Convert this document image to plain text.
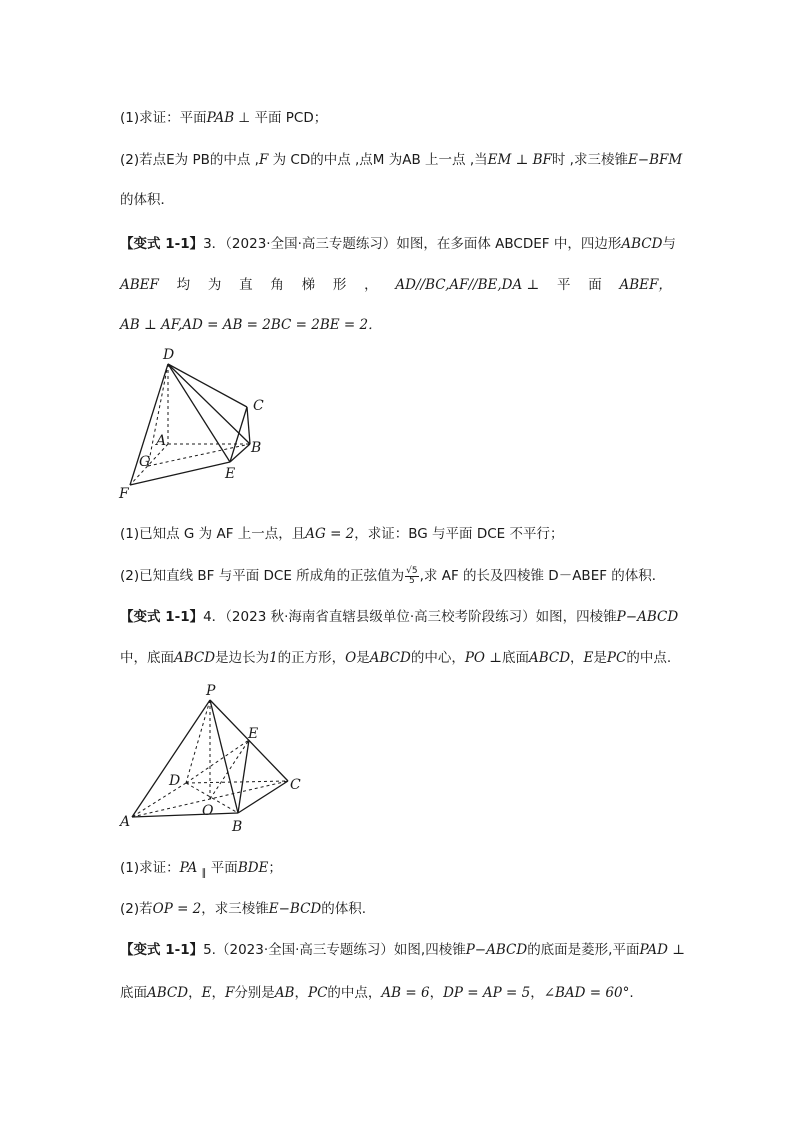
(1)求证：平面PAB ⊥ 平面 PCD；
(2)若点E为 PB的中点 ,F 为 CD的中点 ,点M 为AB 上一点 ,当EM ⊥ BF时 ,求三棱锥E−BFM
的体积．
【变式 1-1】3．（2023·全国·高三专题练习）如图，在多面体 ABCDEF 中，四边形ABCD与
ABEF 均 为 直 角 梯 形 ， AD//BC,AF//BE,DA ⊥ 平 面 ABEF，
AB ⊥ AF,AD = AB = 2BC = 2BE = 2．
D
C
A	B
G
E
F
(1)已知点 G 为 AF 上一点，且AG = 2，求证：BG 与平面 DCE 不平行；
(2)已知直线 BF 与平面 DCE 所成角的正弦值为 $\frac{√5}{5}$ ,求 AF 的长及四棱锥 D－ABEF 的体积．
【变式 1-1】4．（2023 秋·海南省直辖县级单位·高三校考阶段练习）如图，四棱锥P−ABCD
中，底面ABCD是边长为1的正方形，O是ABCD的中心，PO ⊥底面ABCD，E是PC的中点.
P
E
D	C
O
A	B
(1)求证：PA $_\parallel$ 平面BDE；
(2)若OP = 2，求三棱锥E−BCD的体积.
【变式 1-1】5.（2023·全国·高三专题练习）如图,四棱锥P−ABCD的底面是菱形,平面PAD ⊥
底面ABCD，E，F分别是AB，PC的中点，AB = 6，DP = AP = 5，∠BAD = 60°.
